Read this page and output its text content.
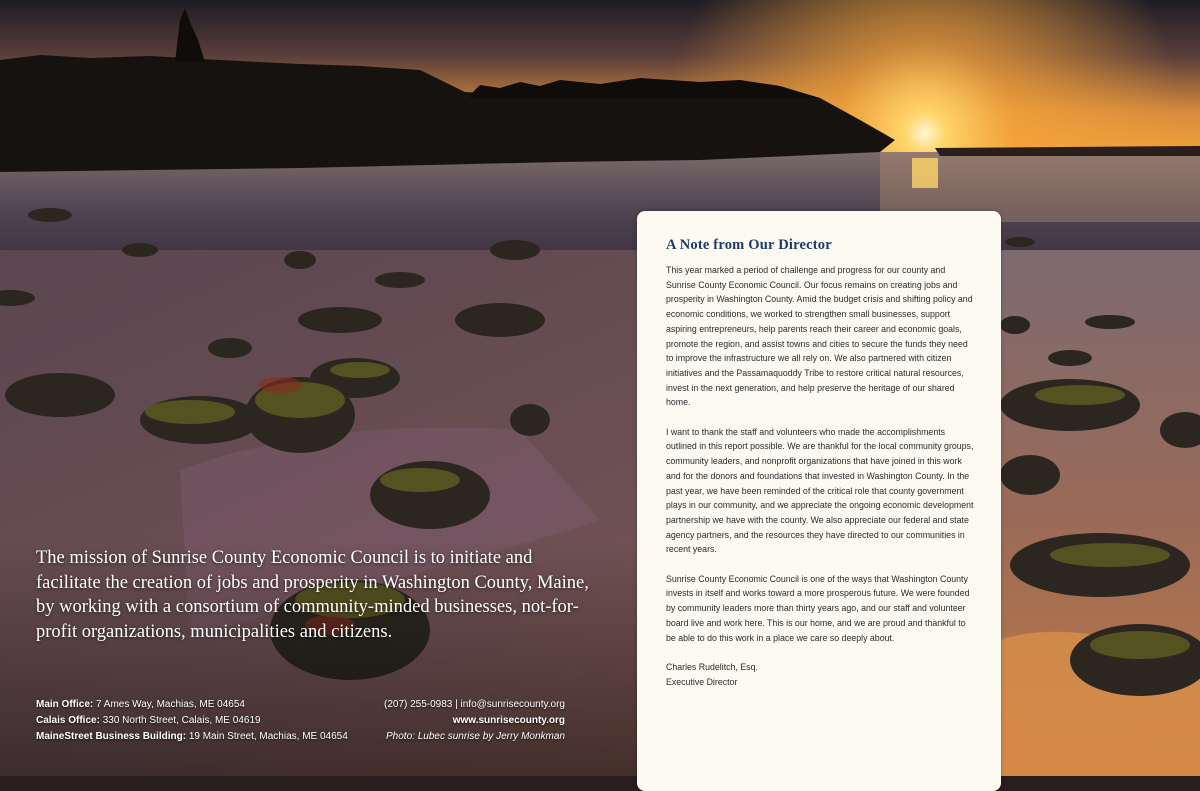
The mission of Sunrise County Economic Council is to initiate and facilitate the creation of jobs and prosperity in Washington County, Maine, by working with a consortium of community-minded businesses, not-for-profit organizations, municipalities and citizens.
Main Office: 7 Ames Way, Machias, ME 04654
Calais Office: 330 North Street, Calais, ME 04619
MaineStreet Business Building: 19 Main Street, Machias, ME 04654
(207) 255-0983 | info@sunrisecounty.org
www.sunrisecounty.org
Photo: Lubec sunrise by Jerry Monkman
A Note from Our Director

This year marked a period of challenge and progress for our county and Sunrise County Economic Council. Our focus remains on creating jobs and prosperity in Washington County. Amid the budget crisis and shifting policy and economic conditions, we worked to strengthen small businesses, support aspiring entrepreneurs, help parents reach their career and economic goals, promote the region, and assist towns and cities to secure the funds they need to improve the infrastructure we all rely on. We also partnered with citizen initiatives and the Passamaquoddy Tribe to restore critical natural resources, invest in the next generation, and help preserve the heritage of our shared home.

I want to thank the staff and volunteers who made the accomplishments outlined in this report possible. We are thankful for the local community groups, community leaders, and nonprofit organizations that have joined in this work and for the donors and foundations that invested in Washington County. In the past year, we have been reminded of the critical role that county government plays in our community, and we appreciate the ongoing economic development partnership we have with the county. We also appreciate our federal and state agency partners, and the resources they have directed to our communities in recent years.

Sunrise County Economic Council is one of the ways that Washington County invests in itself and works toward a more prosperous future. We were founded by community leaders more than thirty years ago, and our staff and volunteer board live and work here. This is our home, and we are proud and thankful to be able to do this work in a place we care so deeply about.

Charles Rudelitch, Esq.
Executive Director
